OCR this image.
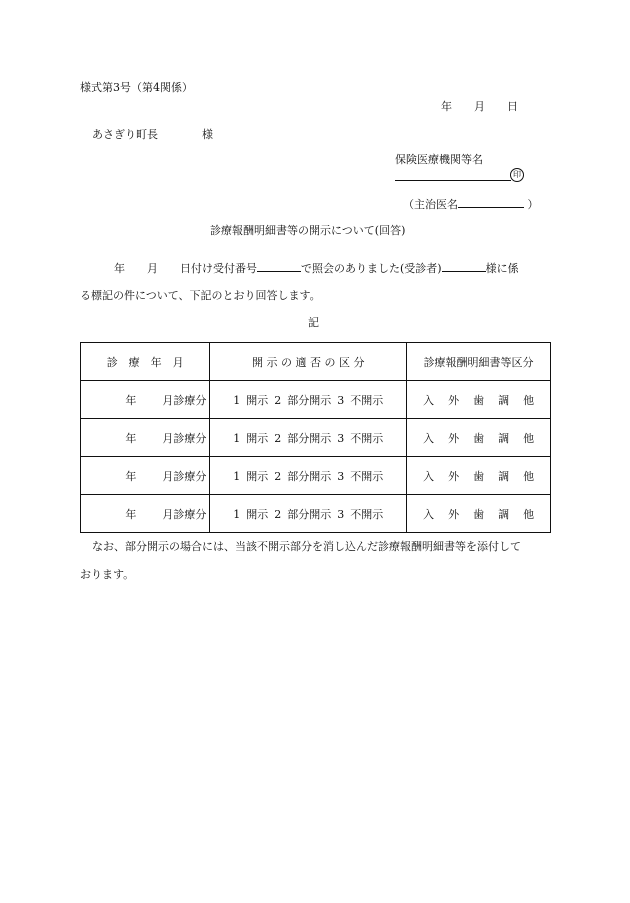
様式第3号（第4関係）
年　　月　　日
あさぎり町長　　　　様
保険医療機関等名
印
（主治医名	）
診療報酬明細書等の開示について(回答)
年　　月　　日付け受付番号	で照会のありました(受診者)	様に係
る標記の件について、下記のとおり回答します。
記
診　療　年　月	開 示 の 適 否 の 区 分	診療報酬明細書等区分
年 月診療分	1 開示 2 部分開示 3 不開示	入 外 歯 調 他
年 月診療分	1 開示 2 部分開示 3 不開示	入 外 歯 調 他
年 月診療分	1 開示 2 部分開示 3 不開示	入 外 歯 調 他
年 月診療分	1 開示 2 部分開示 3 不開示	入 外 歯 調 他
なお、部分開示の場合には、当該不開示部分を消し込んだ診療報酬明細書等を添付して
おります。
